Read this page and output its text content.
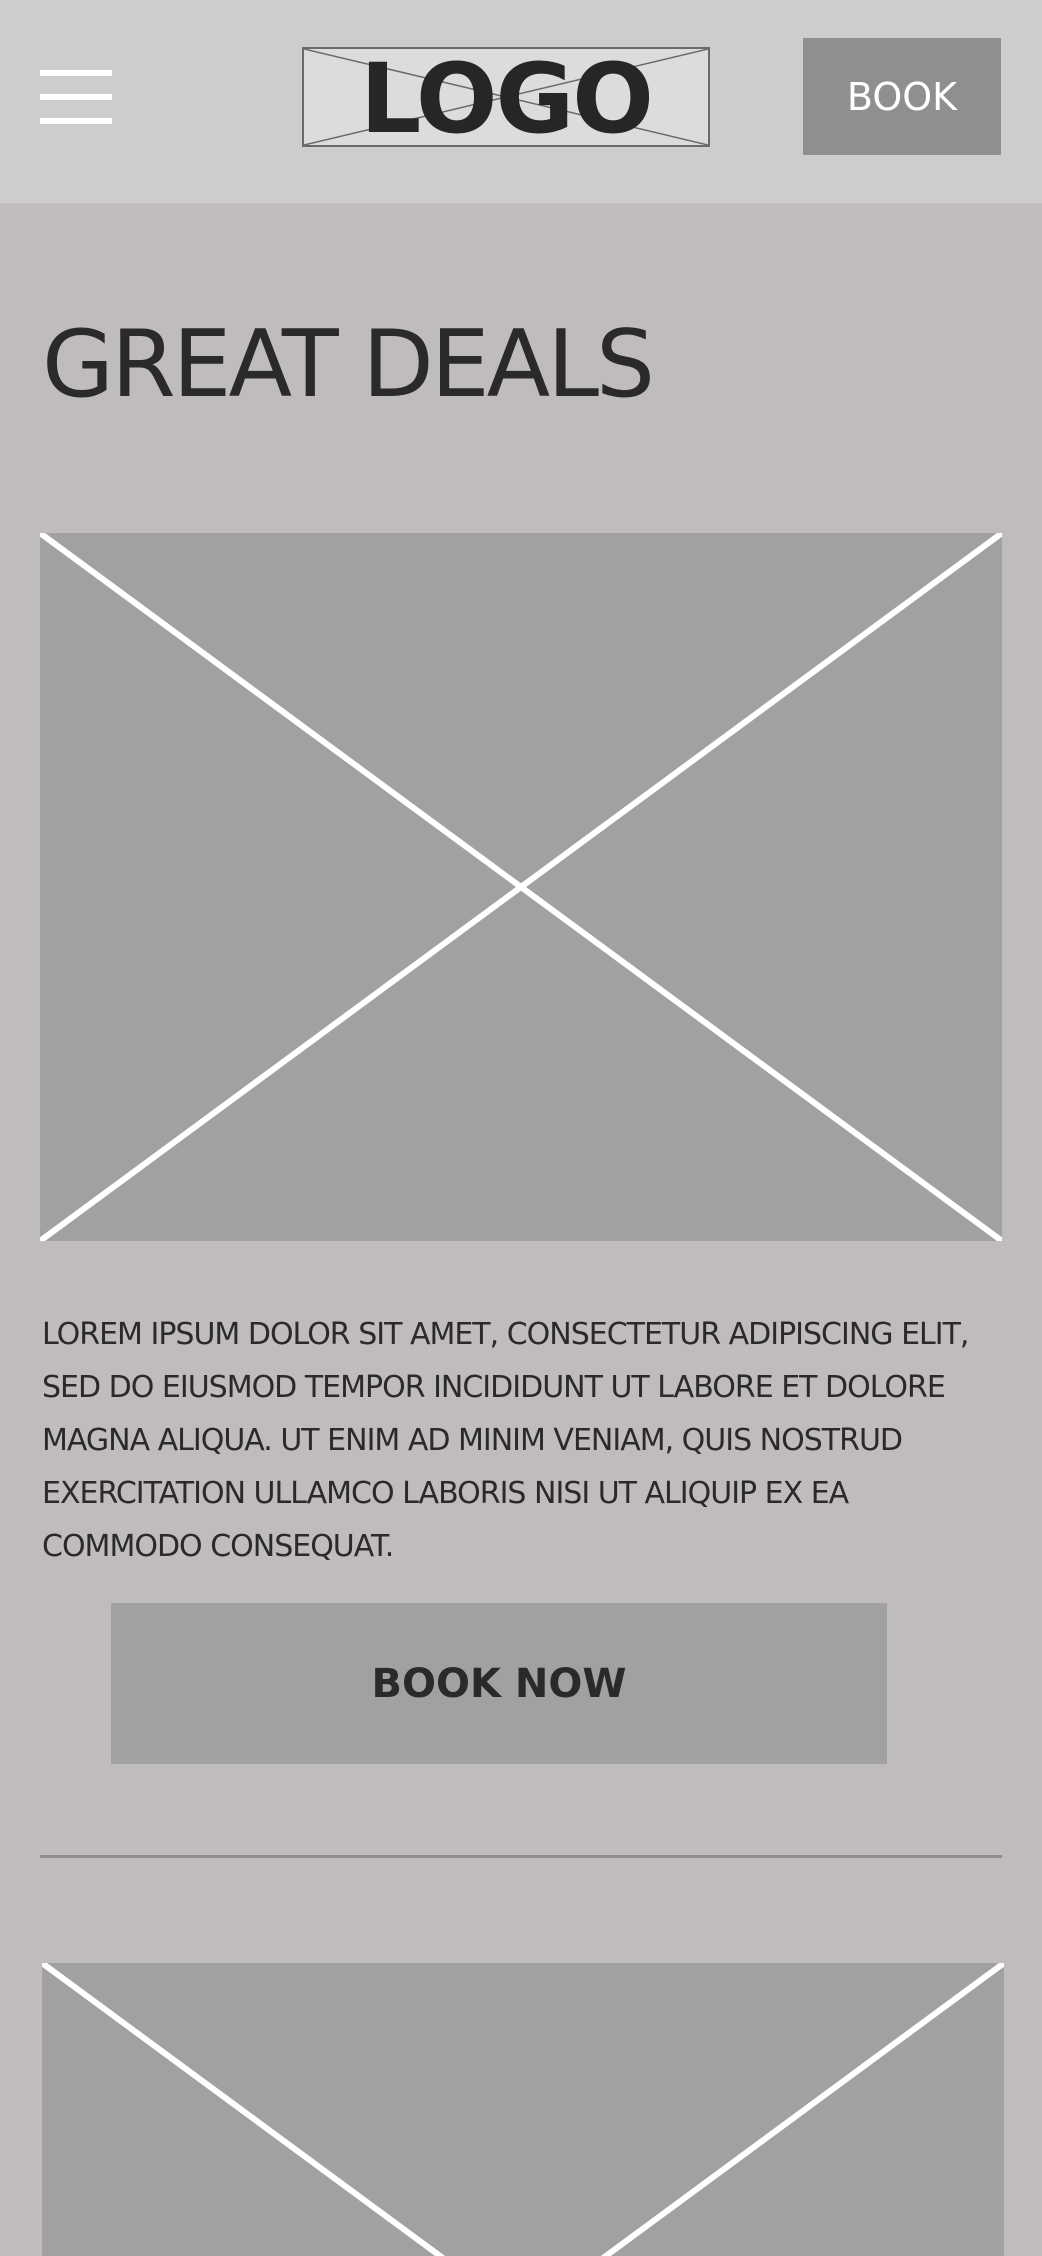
LOGO	BOOK
GREAT DEALS

LOREM IPSUM DOLOR SIT AMET, CONSECTETUR ADIPISCING ELIT, SED DO EIUSMOD TEMPOR INCIDIDUNT UT LABORE ET DOLORE MAGNA ALIQUA. UT ENIM AD MINIM VENIAM, QUIS NOSTRUD EXERCITATION ULLAMCO LABORIS NISI UT ALIQUIP EX EA COMMODO CONSEQUAT.

BOOK NOW
